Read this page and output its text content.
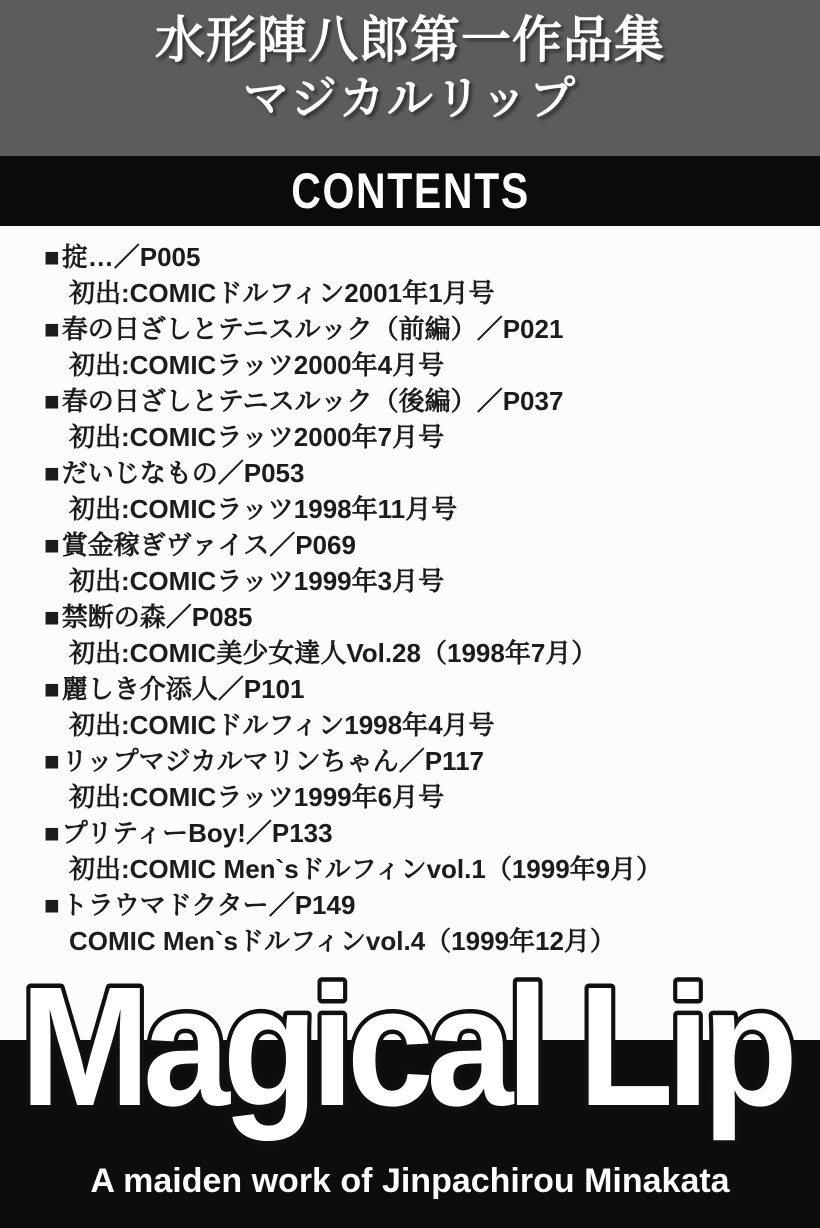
水形陣八郎第一作品集
マジカルリップ
CONTENTS
■掟…／P005
初出:COMICドルフィン2001年1月号
■春の日ざしとテニスルック（前編）／P021
初出:COMICラッツ2000年4月号
■春の日ざしとテニスルック（後編）／P037
初出:COMICラッツ2000年7月号
■だいじなもの／P053
初出:COMICラッツ1998年11月号
■賞金稼ぎヴァイス／P069
初出:COMICラッツ1999年3月号
■禁断の森／P085
初出:COMIC美少女達人Vol.28（1998年7月）
■麗しき介添人／P101
初出:COMICドルフィン1998年4月号
■リップマジカルマリンちゃん／P117
初出:COMICラッツ1999年6月号
■プリティーBoy!／P133
初出:COMIC Men`sドルフィンvol.1（1999年9月）
■トラウマドクター／P149
COMIC Men`sドルフィンvol.4（1999年12月）
Magical Lip
A maiden work of Jinpachirou Minakata
